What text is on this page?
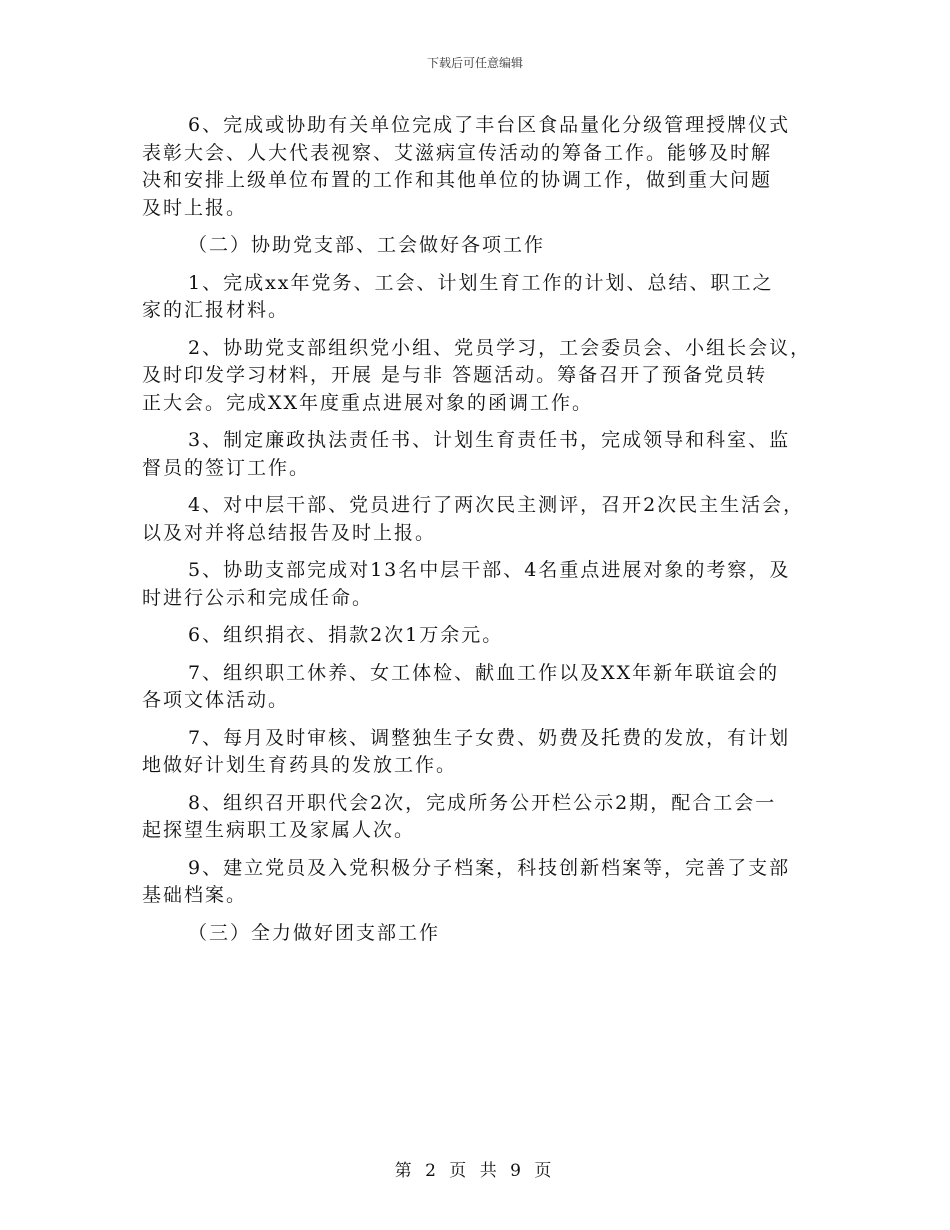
下载后可任意编辑
6、完成或协助有关单位完成了丰台区食品量化分级管理授牌仪式
表彰大会、人大代表视察、艾滋病宣传活动的筹备工作。能够及时解
决和安排上级单位布置的工作和其他单位的协调工作，做到重大问题
及时上报。
（二）协助党支部、工会做好各项工作
1、完成xx年党务、工会、计划生育工作的计划、总结、职工之
家的汇报材料。
2、协助党支部组织党小组、党员学习，工会委员会、小组长会议，
及时印发学习材料，开展 是与非 答题活动。筹备召开了预备党员转
正大会。完成XX年度重点进展对象的函调工作。
3、制定廉政执法责任书、计划生育责任书，完成领导和科室、监
督员的签订工作。
4、对中层干部、党员进行了两次民主测评，召开2次民主生活会，
以及对并将总结报告及时上报。
5、协助支部完成对13名中层干部、4名重点进展对象的考察，及
时进行公示和完成任命。
6、组织捐衣、捐款2次1万余元。
7、组织职工休养、女工体检、献血工作以及XX年新年联谊会的
各项文体活动。
7、每月及时审核、调整独生子女费、奶费及托费的发放，有计划
地做好计划生育药具的发放工作。
8、组织召开职代会2次，完成所务公开栏公示2期，配合工会一
起探望生病职工及家属人次。
9、建立党员及入党积极分子档案，科技创新档案等，完善了支部
基础档案。
（三）全力做好团支部工作
第 2 页 共 9 页
